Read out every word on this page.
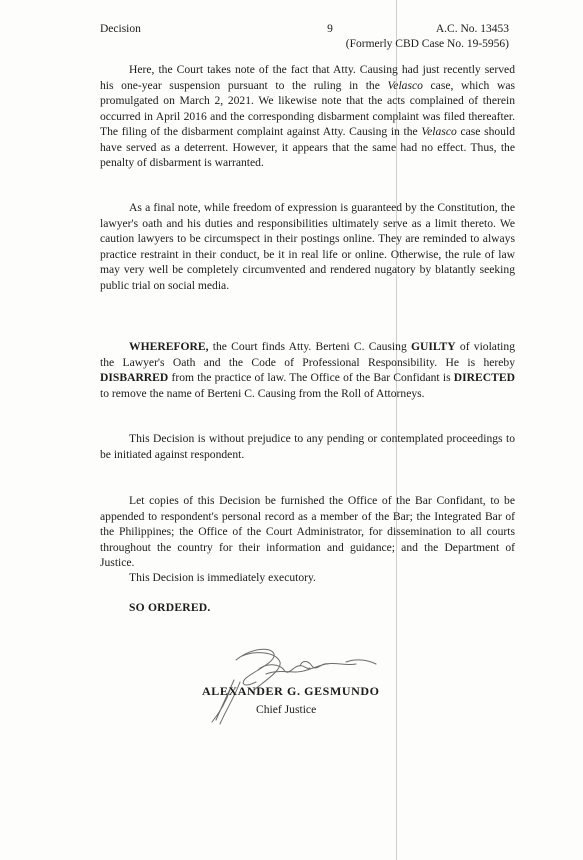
Decision	9	A.C. No. 13453
(Formerly CBD Case No. 19-5956)

Here, the Court takes note of the fact that Atty. Causing had just recently served his one-year suspension pursuant to the ruling in the Velasco case, which was promulgated on March 2, 2021. We likewise note that the acts complained of therein occurred in April 2016 and the corresponding disbarment complaint was filed thereafter. The filing of the disbarment complaint against Atty. Causing in the Velasco case should have served as a deterrent. However, it appears that the same had no effect. Thus, the penalty of disbarment is warranted.

As a final note, while freedom of expression is guaranteed by the Constitution, the lawyer's oath and his duties and responsibilities ultimately serve as a limit thereto. We caution lawyers to be circumspect in their postings online. They are reminded to always practice restraint in their conduct, be it in real life or online. Otherwise, the rule of law may very well be completely circumvented and rendered nugatory by blatantly seeking public trial on social media.

WHEREFORE, the Court finds Atty. Berteni C. Causing GUILTY of violating the Lawyer's Oath and the Code of Professional Responsibility. He is hereby DISBARRED from the practice of law. The Office of the Bar Confidant is DIRECTED to remove the name of Berteni C. Causing from the Roll of Attorneys.

This Decision is without prejudice to any pending or contemplated proceedings to be initiated against respondent.

Let copies of this Decision be furnished the Office of the Bar Confidant, to be appended to respondent's personal record as a member of the Bar; the Integrated Bar of the Philippines; the Office of the Court Administrator, for dissemination to all courts throughout the country for their information and guidance; and the Department of Justice.

This Decision is immediately executory.

SO ORDERED.

ALEXANDER G. GESMUNDO
Chief Justice
